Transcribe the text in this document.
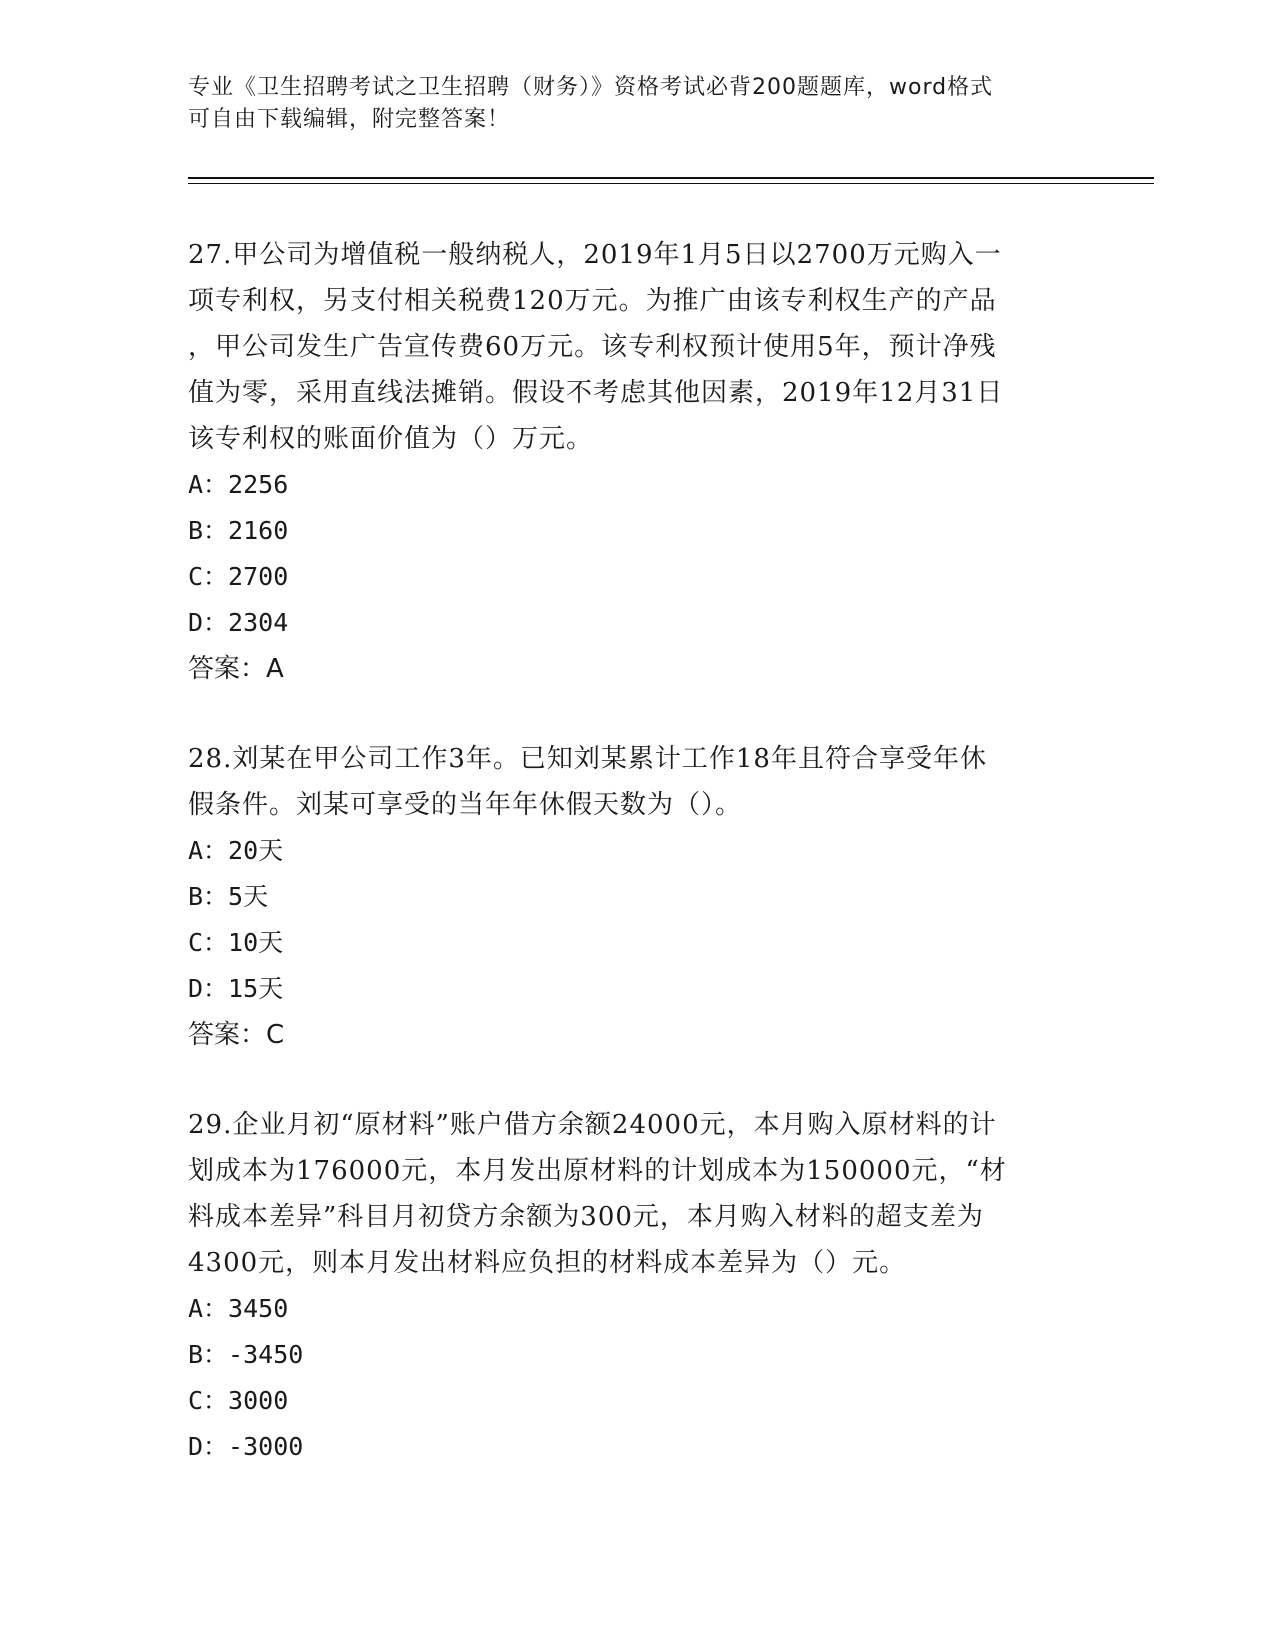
专业《卫生招聘考试之卫生招聘（财务）》资格考试必背200题题库，word格式
可自由下载编辑，附完整答案！
27.甲公司为增值税一般纳税人，2019年1月5日以2700万元购入一
项专利权，另支付相关税费120万元。为推广由该专利权生产的产品
，甲公司发生广告宣传费60万元。该专利权预计使用5年，预计净残
值为零，采用直线法摊销。假设不考虑其他因素，2019年12月31日
该专利权的账面价值为（）万元。
A：2256
B：2160
C：2700
D：2304
答案：A
28.刘某在甲公司工作3年。已知刘某累计工作18年且符合享受年休
假条件。刘某可享受的当年年休假天数为（）。
A：20天
B：5天
C：10天
D：15天
答案：C
29.企业月初“原材料”账户借方余额24000元，本月购入原材料的计
划成本为176000元，本月发出原材料的计划成本为150000元，“材
料成本差异”科目月初贷方余额为300元，本月购入材料的超支差为
4300元，则本月发出材料应负担的材料成本差异为（）元。
A：3450
B：-3450
C：3000
D：-3000
